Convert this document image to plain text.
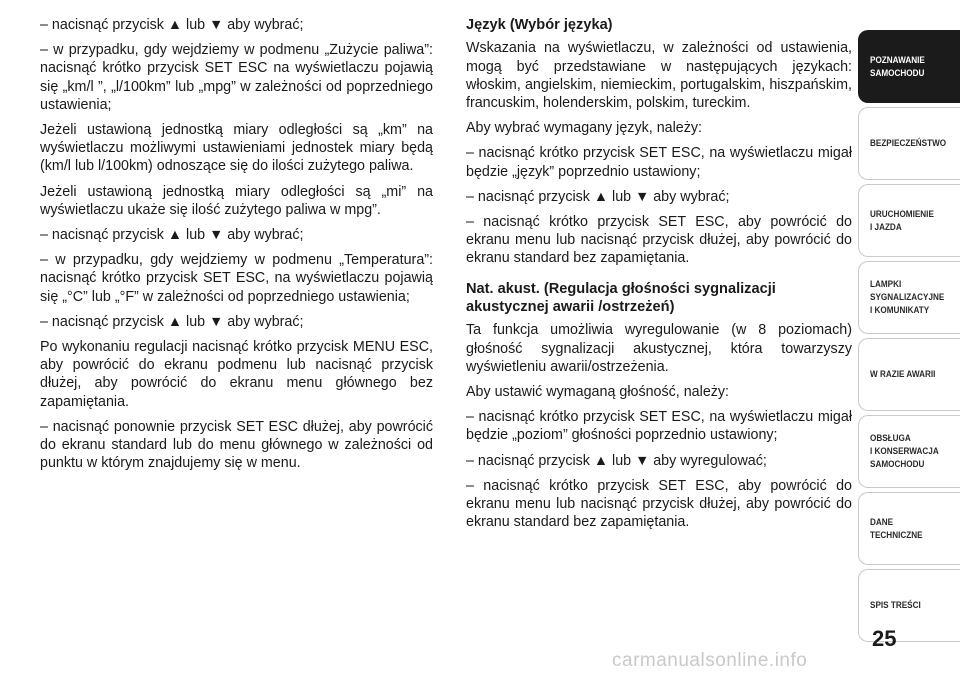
– nacisnąć przycisk ▲ lub ▼ aby wybrać;

– w przypadku, gdy wejdziemy w podmenu „Zużycie paliwa”: nacisnąć krótko przycisk SET ESC na wyświetlaczu pojawią się „km/l ”, „l/100km” lub „mpg” w zależności od poprzedniego ustawienia;

Jeżeli ustawioną jednostką miary odległości są „km” na wyświetlaczu możliwymi ustawieniami jednostek miary będą (km/l lub l/100km) odnoszące się do ilości zużytego paliwa.

Jeżeli ustawioną jednostką miary odległości są „mi” na wyświetlaczu ukaże się ilość zużytego paliwa w mpg”.

– nacisnąć przycisk ▲ lub ▼ aby wybrać;

– w przypadku, gdy wejdziemy w podmenu „Temperatura”: nacisnąć krótko przycisk SET ESC, na wyświetlaczu pojawią się „°C” lub „°F” w zależności od poprzedniego ustawienia;

– nacisnąć przycisk ▲ lub ▼ aby wybrać;

Po wykonaniu regulacji nacisnąć krótko przycisk MENU ESC, aby powrócić do ekranu podmenu lub nacisnąć przycisk dłużej, aby powrócić do ekranu menu głównego bez zapamiętania.

– nacisnąć ponownie przycisk SET ESC dłużej, aby powrócić do ekranu standard lub do menu głównego w zależności od punktu w którym znajdujemy się w menu.

Język (Wybór języka)

Wskazania na wyświetlaczu, w zależności od ustawienia, mogą być przedstawiane w następujących językach: włoskim, angielskim, niemieckim, portugalskim, hiszpańskim, francuskim, holenderskim, polskim, tureckim.

Aby wybrać wymagany język, należy:

– nacisnąć krótko przycisk SET ESC, na wyświetlaczu migał będzie „język” poprzednio ustawiony;

– nacisnąć przycisk ▲ lub ▼ aby wybrać;

– nacisnąć krótko przycisk SET ESC, aby powrócić do ekranu menu lub nacisnąć przycisk dłużej, aby powrócić do ekranu standard bez zapamiętania.

Nat. akust. (Regulacja głośności sygnalizacji akustycznej awarii /ostrzeżeń)

Ta funkcja umożliwia wyregulowanie (w 8 poziomach) głośność sygnalizacji akustycznej, która towarzyszy wyświetleniu awarii/ostrzeżenia.

Aby ustawić wymaganą głośność, należy:

– nacisnąć krótko przycisk SET ESC, na wyświetlaczu migał będzie „poziom” głośności poprzednio ustawiony;

– nacisnąć przycisk ▲ lub ▼ aby wyregulować;

– nacisnąć krótko przycisk SET ESC, aby powrócić do ekranu menu lub nacisnąć przycisk dłużej, aby powrócić do ekranu standard bez zapamiętania.

POZNAWANIE
SAMOCHODU
BEZPIECZEŃSTWO
URUCHOMIENIE
I JAZDA
LAMPKI
SYGNALIZACYJNE
I KOMUNIKATY
W RAZIE AWARII
OBSŁUGA
I KONSERWACJA
SAMOCHODU
DANE
TECHNICZNE
SPIS TREŚCI
25
carmanualsonline.info
